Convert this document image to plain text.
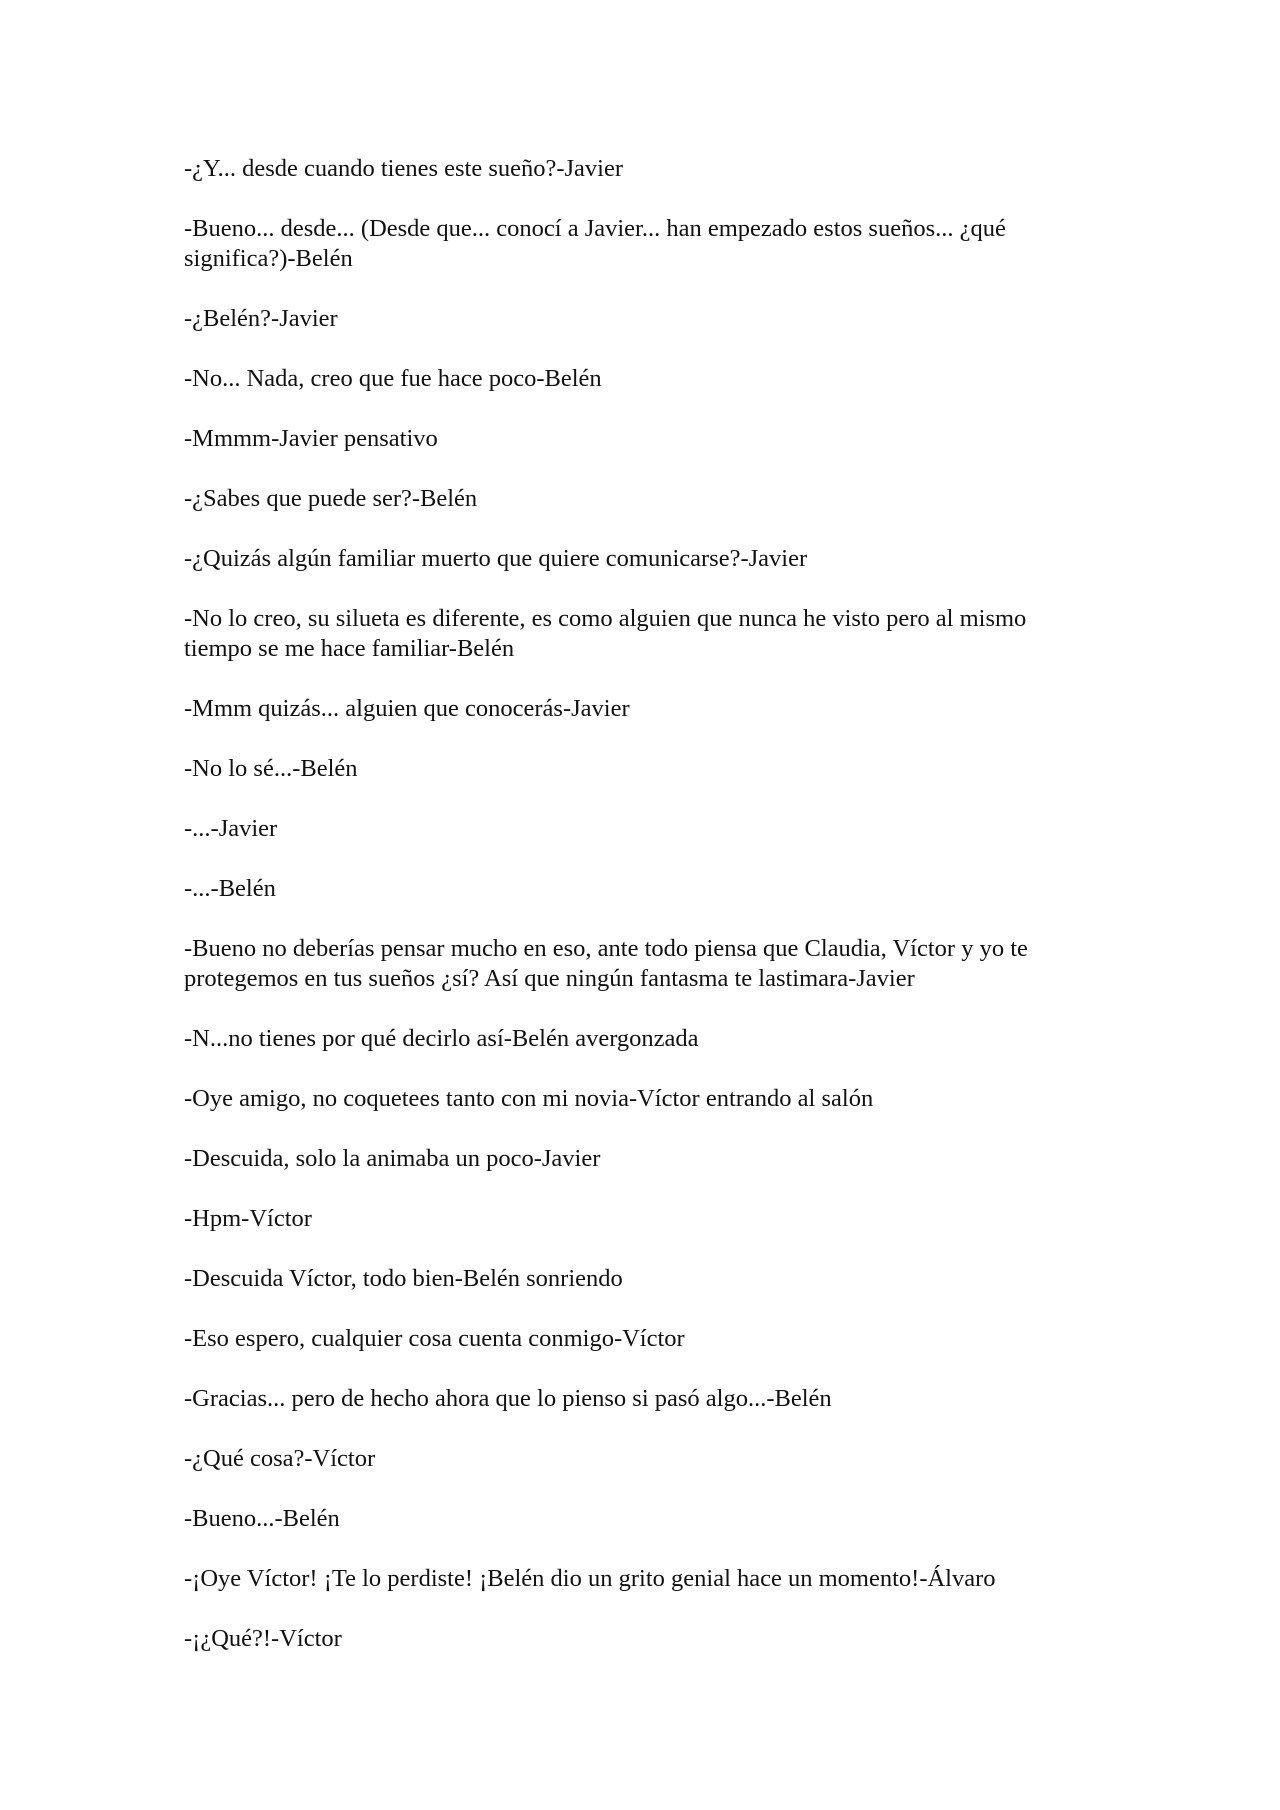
-¿Y... desde cuando tienes este sueño?-Javier

-Bueno... desde... (Desde que... conocí a Javier... han empezado estos sueños... ¿qué significa?)-Belén

-¿Belén?-Javier

-No... Nada, creo que fue hace poco-Belén

-Mmmm-Javier pensativo

-¿Sabes que puede ser?-Belén

-¿Quizás algún familiar muerto que quiere comunicarse?-Javier

-No lo creo, su silueta es diferente, es como alguien que nunca he visto pero al mismo tiempo se me hace familiar-Belén

-Mmm quizás... alguien que conocerás-Javier

-No lo sé...-Belén

-...-Javier

-...-Belén

-Bueno no deberías pensar mucho en eso, ante todo piensa que Claudia, Víctor y yo te protegemos en tus sueños ¿sí? Así que ningún fantasma te lastimara-Javier

-N...no tienes por qué decirlo así-Belén avergonzada

-Oye amigo, no coquetees tanto con mi novia-Víctor entrando al salón

-Descuida, solo la animaba un poco-Javier

-Hpm-Víctor

-Descuida Víctor, todo bien-Belén sonriendo

-Eso espero, cualquier cosa cuenta conmigo-Víctor

-Gracias... pero de hecho ahora que lo pienso si pasó algo...-Belén

-¿Qué cosa?-Víctor

-Bueno...-Belén

-¡Oye Víctor! ¡Te lo perdiste! ¡Belén dio un grito genial hace un momento!-Álvaro

-¡¿Qué?!-Víctor
